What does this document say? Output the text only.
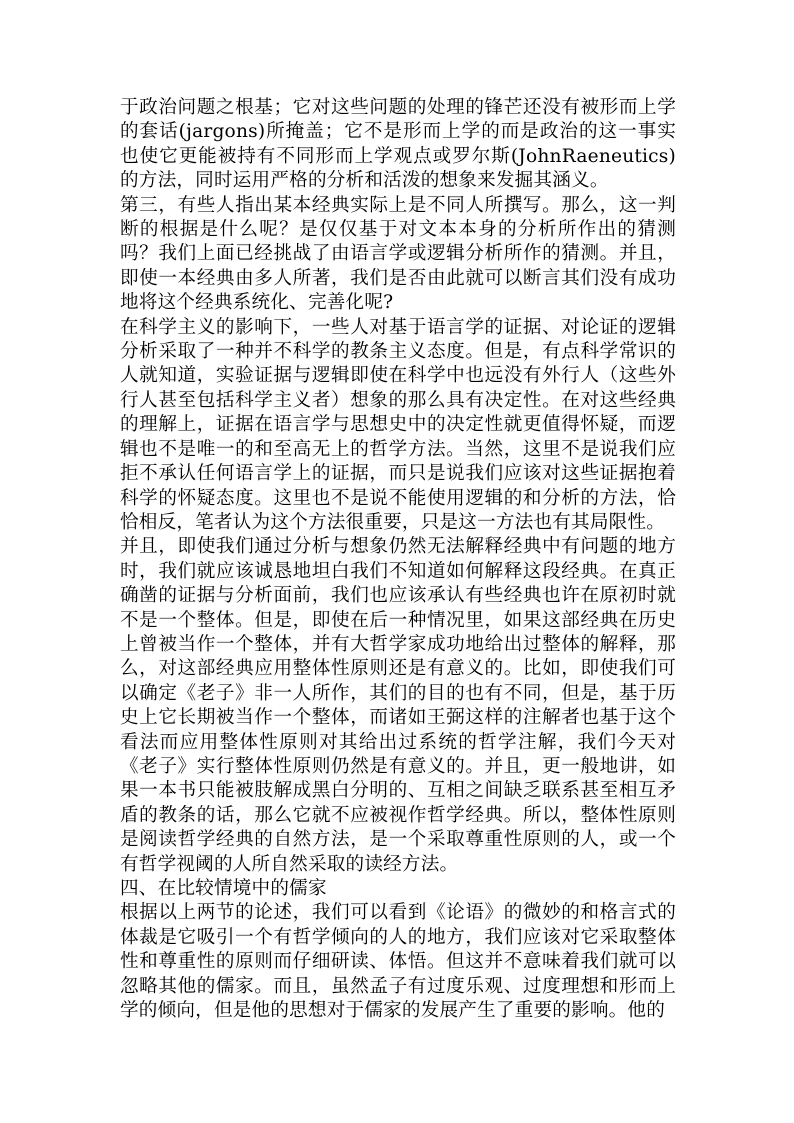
于政治问题之根基；它对这些问题的处理的锋芒还没有被形而上学的套话(jargons)所掩盖；它不是形而上学的而是政治的这一事实也使它更能被持有不同形而上学观点或罗尔斯(JohnRaeneutics)的方法，同时运用严格的分析和活泼的想象来发掘其涵义。

第三，有些人指出某本经典实际上是不同人所撰写。那么，这一判断的根据是什么呢？是仅仅基于对文本本身的分析所作出的猜测吗？我们上面已经挑战了由语言学或逻辑分析所作的猜测。并且，即使一本经典由多人所著，我们是否由此就可以断言其们没有成功地将这个经典系统化、完善化呢?

在科学主义的影响下，一些人对基于语言学的证据、对论证的逻辑分析采取了一种并不科学的教条主义态度。但是，有点科学常识的人就知道，实验证据与逻辑即使在科学中也远没有外行人（这些外行人甚至包括科学主义者）想象的那么具有决定性。在对这些经典的理解上，证据在语言学与思想史中的决定性就更值得怀疑，而逻辑也不是唯一的和至高无上的哲学方法。当然，这里不是说我们应拒不承认任何语言学上的证据，而只是说我们应该对这些证据抱着科学的怀疑态度。这里也不是说不能使用逻辑的和分析的方法，恰恰相反，笔者认为这个方法很重要，只是这一方法也有其局限性。

并且，即使我们通过分析与想象仍然无法解释经典中有问题的地方时，我们就应该诚恳地坦白我们不知道如何解释这段经典。在真正确凿的证据与分析面前，我们也应该承认有些经典也许在原初时就不是一个整体。但是，即使在后一种情况里，如果这部经典在历史上曾被当作一个整体，并有大哲学家成功地给出过整体的解释，那么，对这部经典应用整体性原则还是有意义的。比如，即使我们可以确定《老子》非一人所作，其们的目的也有不同，但是，基于历史上它长期被当作一个整体，而诸如王弼这样的注解者也基于这个看法而应用整体性原则对其给出过系统的哲学注解，我们今天对《老子》实行整体性原则仍然是有意义的。并且，更一般地讲，如果一本书只能被肢解成黑白分明的、互相之间缺乏联系甚至相互矛盾的教条的话，那么它就不应被视作哲学经典。所以，整体性原则是阅读哲学经典的自然方法，是一个采取尊重性原则的人，或一个有哲学视阈的人所自然采取的读经方法。

四、在比较情境中的儒家

根据以上两节的论述，我们可以看到《论语》的微妙的和格言式的体裁是它吸引一个有哲学倾向的人的地方，我们应该对它采取整体性和尊重性的原则而仔细研读、体悟。但这并不意味着我们就可以忽略其他的儒家。而且，虽然孟子有过度乐观、过度理想和形而上学的倾向，但是他的思想对于儒家的发展产生了重要的影响。他的
